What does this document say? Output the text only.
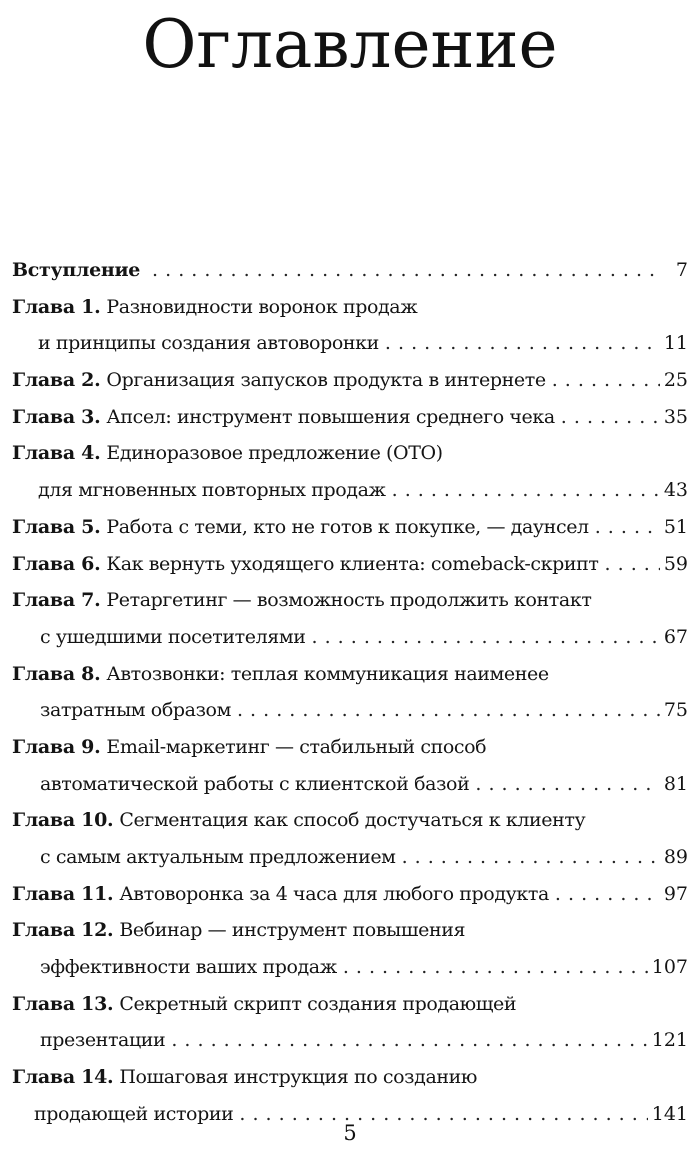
Оглавление
Вступление . . .	7
Глава 1. Разновидности воронок продаж
и принципы создания автоворонки . . .	11
Глава 2. Организация запусков продукта в интернете . . .	25
Глава 3. Апсел: инструмент повышения среднего чека . . .	35
Глава 4. Единоразовое предложение (ОТО)
для мгновенных повторных продаж . . .	43
Глава 5. Работа с теми, кто не готов к покупке, — даунсел . . .	51
Глава 6. Как вернуть уходящего клиента: comeback-скрипт . . .	59
Глава 7. Ретаргетинг — возможность продолжить контакт
с ушедшими посетителями . . .	67
Глава 8. Автозвонки: теплая коммуникация наименее
затратным образом . . .	75
Глава 9. Email-маркетинг — стабильный способ
автоматической работы с клиентской базой . . .	81
Глава 10. Сегментация как способ достучаться к клиенту
с самым актуальным предложением . . .	89
Глава 11. Автоворонка за 4 часа для любого продукта . . .	97
Глава 12. Вебинар — инструмент повышения
эффективности ваших продаж . . .	107
Глава 13. Секретный скрипт создания продающей
презентации . . .	121
Глава 14. Пошаговая инструкция по созданию
продающей истории . . .	141
5
